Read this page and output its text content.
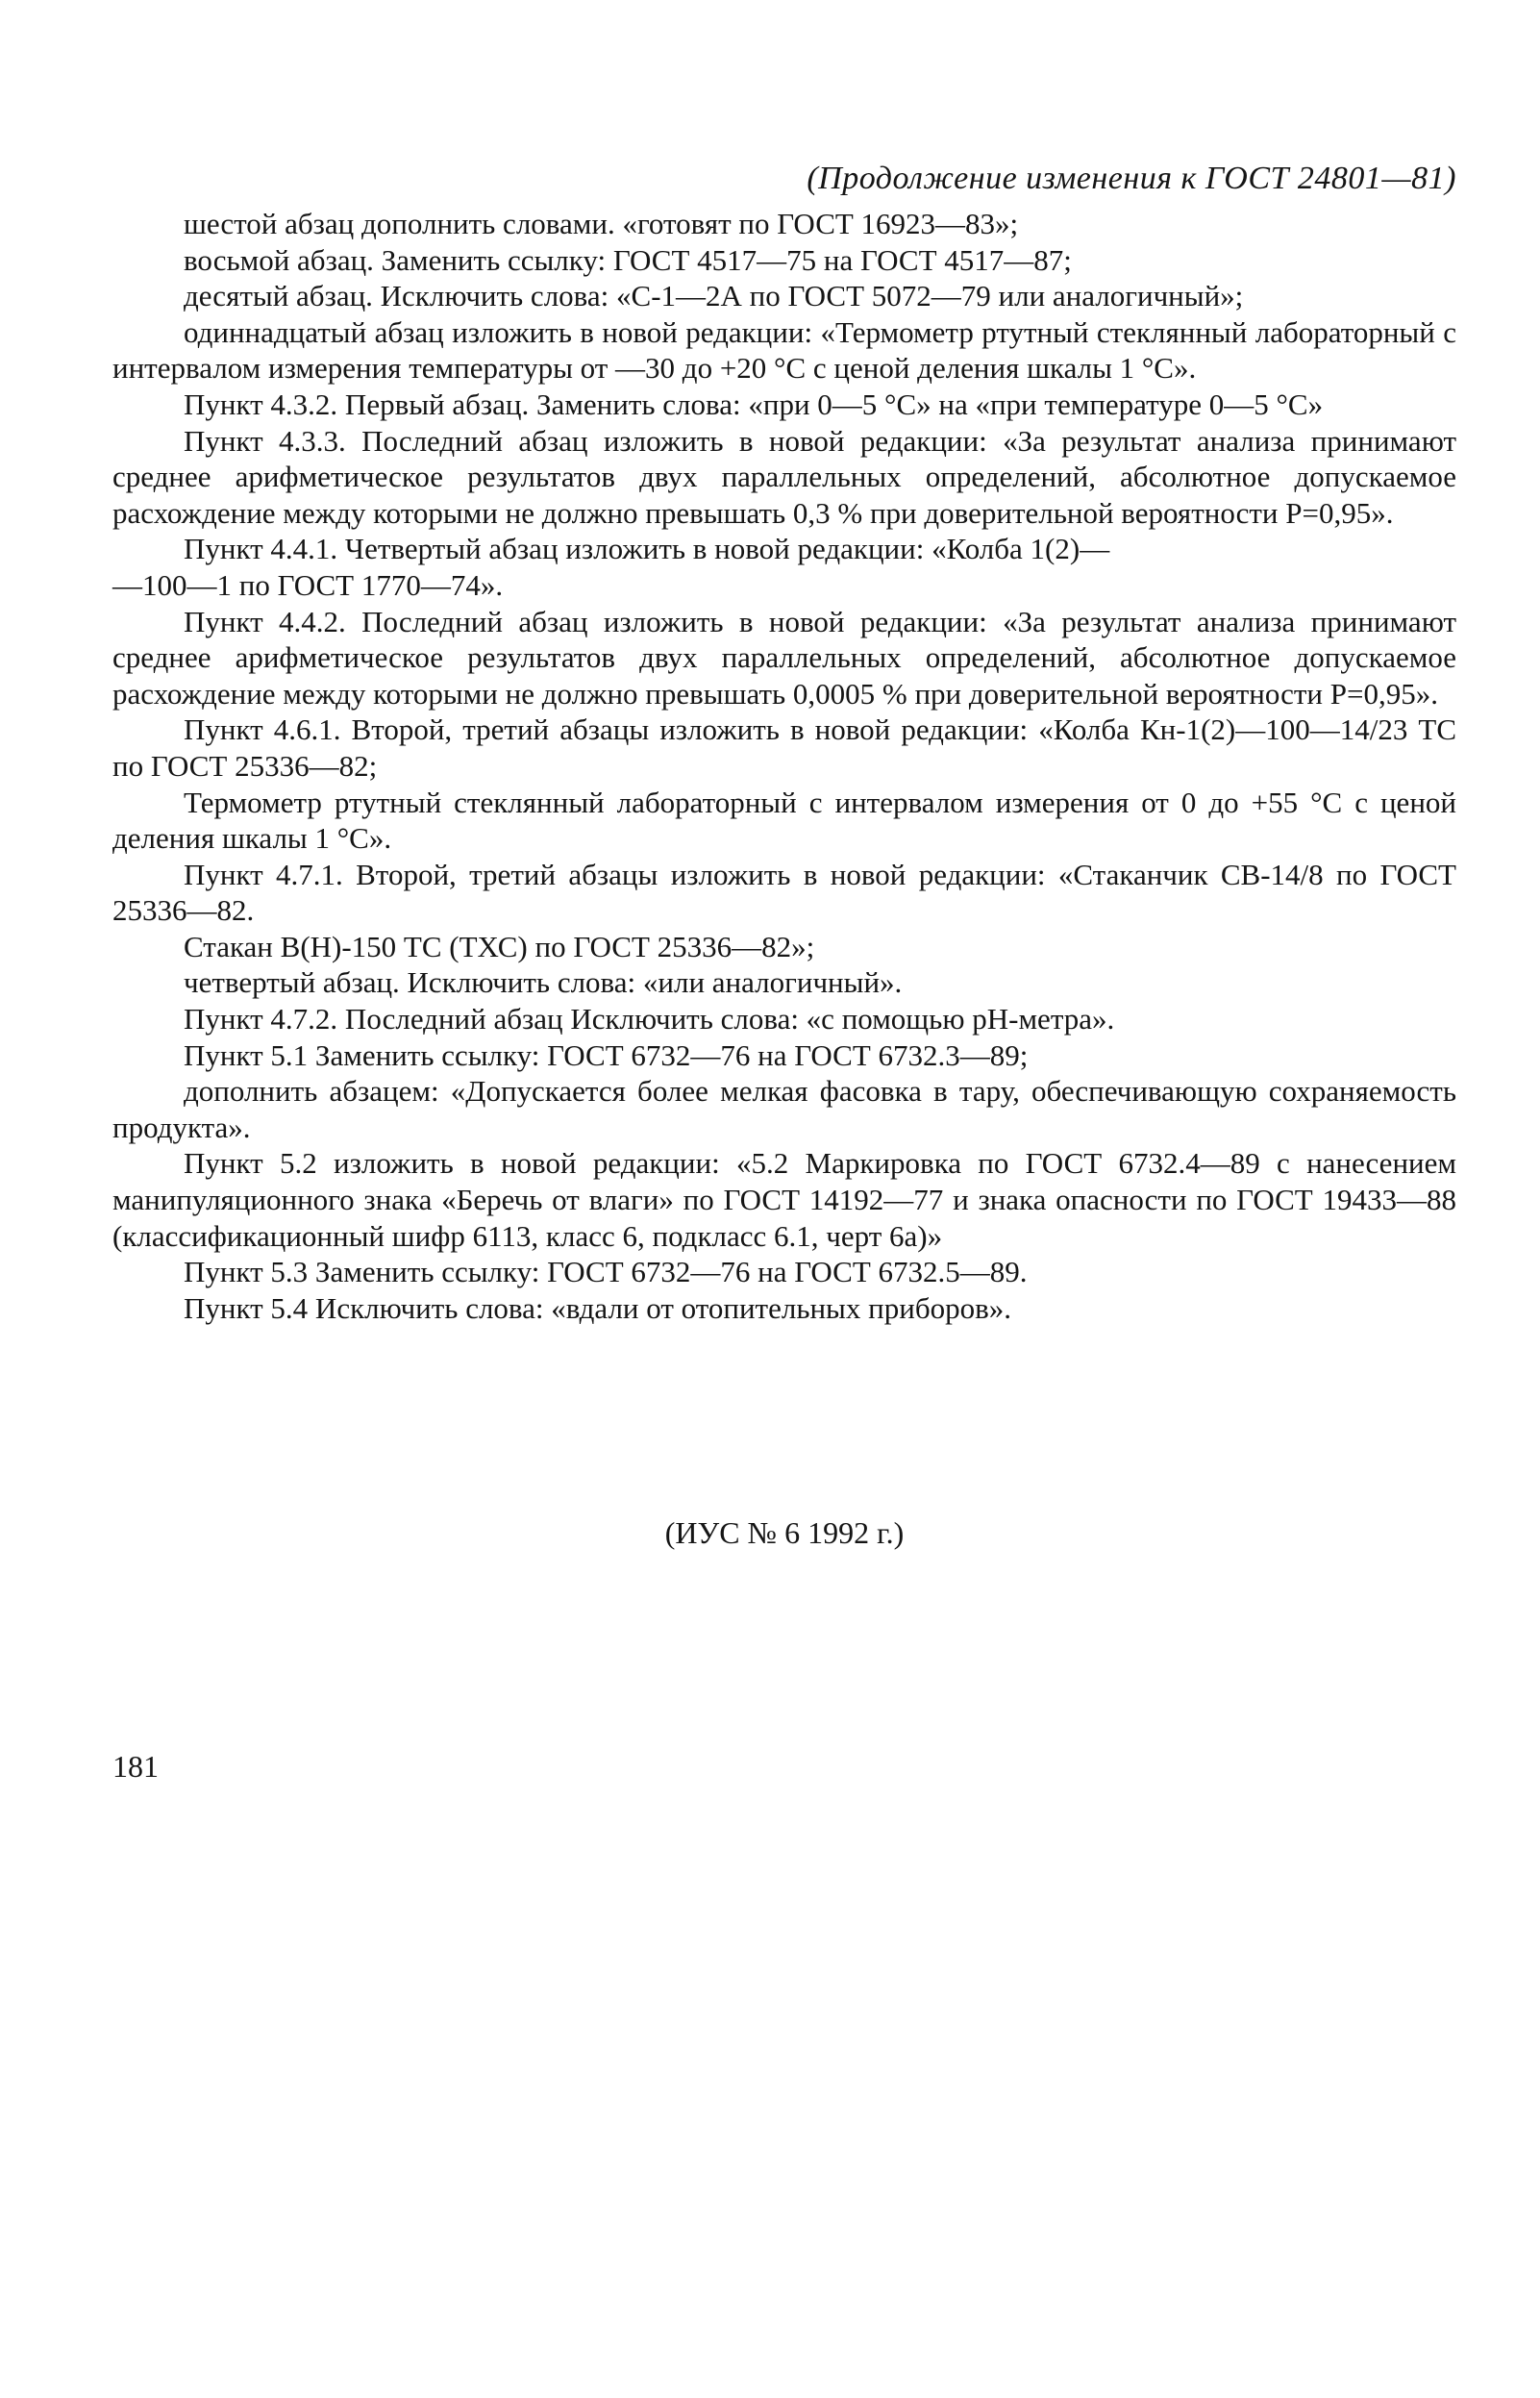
(Продолжение изменения к ГОСТ 24801—81)

шестой абзац дополнить словами. «готовят по ГОСТ 16923—83»;

восьмой абзац. Заменить ссылку: ГОСТ 4517—75 на ГОСТ 4517—87;

десятый абзац. Исключить слова: «С-1—2А по ГОСТ 5072—79 или аналогичный»;

одиннадцатый абзац изложить в новой редакции: «Термометр ртутный стеклянный лабораторный с интервалом измерения температуры от —30 до +20 °С с ценой деления шкалы 1 °С».

Пункт 4.3.2. Первый абзац. Заменить слова: «при 0—5 °С» на «при температуре 0—5 °С»

Пункт 4.3.3. Последний абзац изложить в новой редакции: «За результат анализа принимают среднее арифметическое результатов двух параллельных определений, абсолютное допускаемое расхождение между которыми не должно превышать 0,3 % при доверительной вероятности P=0,95».

Пункт 4.4.1. Четвертый абзац изложить в новой редакции: «Колба 1(2)—
—100—1 по ГОСТ 1770—74».

Пункт 4.4.2. Последний абзац изложить в новой редакции: «За результат анализа принимают среднее арифметическое результатов двух параллельных определений, абсолютное допускаемое расхождение между которыми не должно превышать 0,0005 % при доверительной вероятности P=0,95».

Пункт 4.6.1. Второй, третий абзацы изложить в новой редакции: «Колба Кн-1(2)—100—14/23 ТС по ГОСТ 25336—82;

Термометр ртутный стеклянный лабораторный с интервалом измерения от 0 до +55 °С с ценой деления шкалы 1 °С».

Пункт 4.7.1. Второй, третий абзацы изложить в новой редакции: «Стаканчик СВ-14/8 по ГОСТ 25336—82.

Стакан В(Н)-150 ТС (ТХС) по ГОСТ 25336—82»;

четвертый абзац. Исключить слова: «или аналогичный».

Пункт 4.7.2. Последний абзац Исключить слова: «с помощью рН-метра».

Пункт 5.1 Заменить ссылку: ГОСТ 6732—76 на ГОСТ 6732.3—89;

дополнить абзацем: «Допускается более мелкая фасовка в тару, обеспечивающую сохраняемость продукта».

Пункт 5.2 изложить в новой редакции: «5.2 Маркировка по ГОСТ 6732.4—89 с нанесением манипуляционного знака «Беречь от влаги» по ГОСТ 14192—77 и знака опасности по ГОСТ 19433—88 (классификационный шифр 6113, класс 6, подкласс 6.1, черт 6а)»

Пункт 5.3 Заменить ссылку: ГОСТ 6732—76 на ГОСТ 6732.5—89.

Пункт 5.4 Исключить слова: «вдали от отопительных приборов».

(ИУС № 6 1992 г.)
181
